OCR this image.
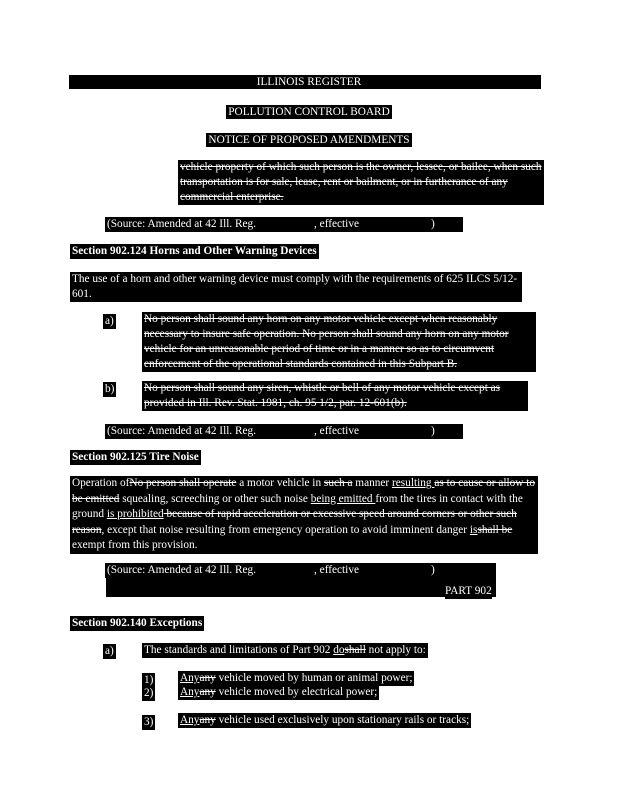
ILLINOIS REGISTER
POLLUTION CONTROL BOARD
NOTICE OF PROPOSED AMENDMENTS
vehicle property of which such person is the owner, lessee, or bailee, when such transportation is for sale, lease, rent or bailment, or in furtherance of any commercial enterprise.
(Source: Amended at 42 Ill. Reg.	, effective	)
Section 902.124 Horns and Other Warning Devices
The use of a horn and other warning device must comply with the requirements of 625 ILCS 5/12-601.
a)	No person shall sound any horn on any motor vehicle except when reasonably necessary to insure safe operation. No person shall sound any horn on any motor vehicle for an unreasonable period of time or in a manner so as to circumvent enforcement of the operational standards contained in this Subpart B.
b)	No person shall sound any siren, whistle or bell of any motor vehicle except as provided in Ill. Rev. Stat. 1981, ch. 95 1/2, par. 12-601(b).
(Source: Amended at 42 Ill. Reg.	, effective	)
Section 902.125 Tire Noise
Operation ofNo person shall operate a motor vehicle in such a manner resulting as to cause or allow to be emitted squealing, screeching or other such noise being emitted from the tires in contact with the ground is prohibited because of rapid acceleration or excessive speed around corners or other such reason, except that noise resulting from emergency operation to avoid imminent danger isshall be exempt from this provision.
(Source: Amended at 42 Ill. Reg.	, effective	)
PART 902
Section 902.140 Exceptions
a)	The standards and limitations of Part 902 doshall not apply to:
1) Anyany vehicle moved by human or animal power;
2) Anyany vehicle moved by electrical power;
3) Anyany vehicle used exclusively upon stationary rails or tracks;
